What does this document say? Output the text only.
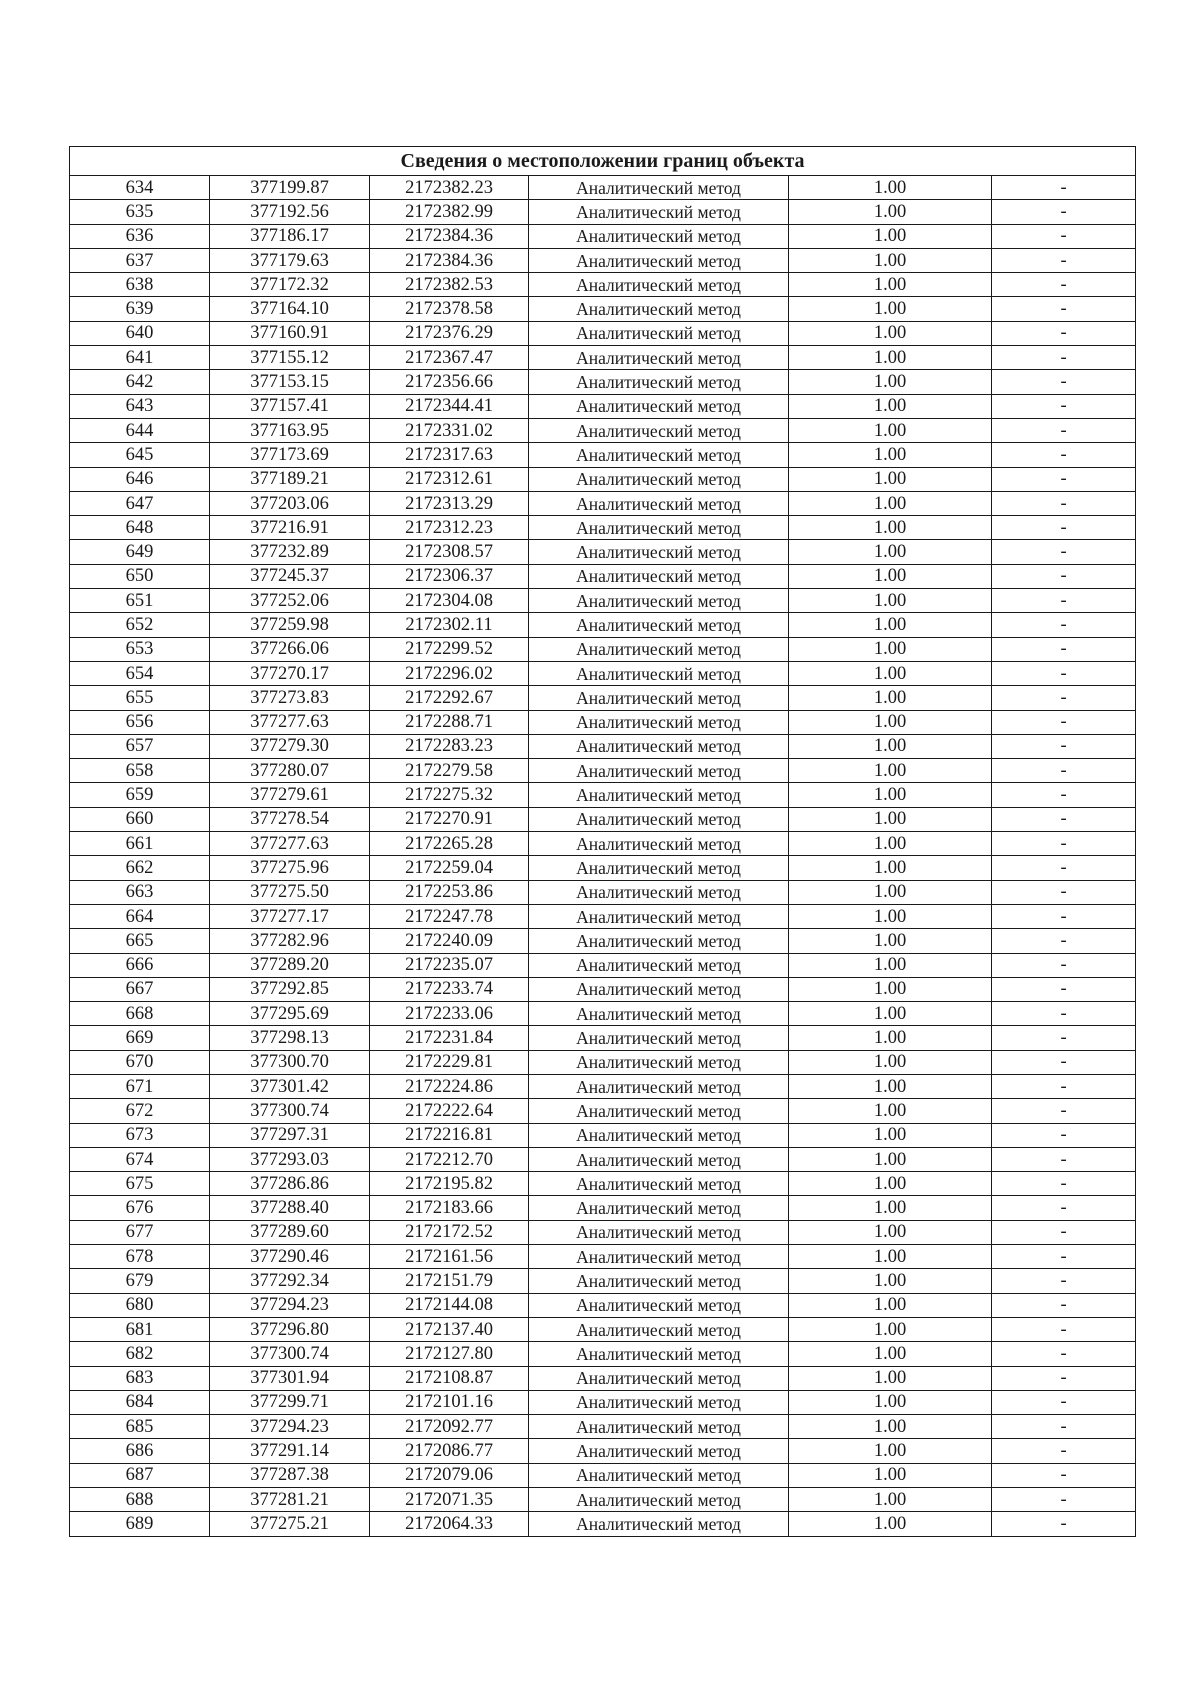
Сведения о местоположении границ объекта					
634	377199.87	2172382.23	Аналитический метод	1.00	-
635	377192.56	2172382.99	Аналитический метод	1.00	-
636	377186.17	2172384.36	Аналитический метод	1.00	-
637	377179.63	2172384.36	Аналитический метод	1.00	-
638	377172.32	2172382.53	Аналитический метод	1.00	-
639	377164.10	2172378.58	Аналитический метод	1.00	-
640	377160.91	2172376.29	Аналитический метод	1.00	-
641	377155.12	2172367.47	Аналитический метод	1.00	-
642	377153.15	2172356.66	Аналитический метод	1.00	-
643	377157.41	2172344.41	Аналитический метод	1.00	-
644	377163.95	2172331.02	Аналитический метод	1.00	-
645	377173.69	2172317.63	Аналитический метод	1.00	-
646	377189.21	2172312.61	Аналитический метод	1.00	-
647	377203.06	2172313.29	Аналитический метод	1.00	-
648	377216.91	2172312.23	Аналитический метод	1.00	-
649	377232.89	2172308.57	Аналитический метод	1.00	-
650	377245.37	2172306.37	Аналитический метод	1.00	-
651	377252.06	2172304.08	Аналитический метод	1.00	-
652	377259.98	2172302.11	Аналитический метод	1.00	-
653	377266.06	2172299.52	Аналитический метод	1.00	-
654	377270.17	2172296.02	Аналитический метод	1.00	-
655	377273.83	2172292.67	Аналитический метод	1.00	-
656	377277.63	2172288.71	Аналитический метод	1.00	-
657	377279.30	2172283.23	Аналитический метод	1.00	-
658	377280.07	2172279.58	Аналитический метод	1.00	-
659	377279.61	2172275.32	Аналитический метод	1.00	-
660	377278.54	2172270.91	Аналитический метод	1.00	-
661	377277.63	2172265.28	Аналитический метод	1.00	-
662	377275.96	2172259.04	Аналитический метод	1.00	-
663	377275.50	2172253.86	Аналитический метод	1.00	-
664	377277.17	2172247.78	Аналитический метод	1.00	-
665	377282.96	2172240.09	Аналитический метод	1.00	-
666	377289.20	2172235.07	Аналитический метод	1.00	-
667	377292.85	2172233.74	Аналитический метод	1.00	-
668	377295.69	2172233.06	Аналитический метод	1.00	-
669	377298.13	2172231.84	Аналитический метод	1.00	-
670	377300.70	2172229.81	Аналитический метод	1.00	-
671	377301.42	2172224.86	Аналитический метод	1.00	-
672	377300.74	2172222.64	Аналитический метод	1.00	-
673	377297.31	2172216.81	Аналитический метод	1.00	-
674	377293.03	2172212.70	Аналитический метод	1.00	-
675	377286.86	2172195.82	Аналитический метод	1.00	-
676	377288.40	2172183.66	Аналитический метод	1.00	-
677	377289.60	2172172.52	Аналитический метод	1.00	-
678	377290.46	2172161.56	Аналитический метод	1.00	-
679	377292.34	2172151.79	Аналитический метод	1.00	-
680	377294.23	2172144.08	Аналитический метод	1.00	-
681	377296.80	2172137.40	Аналитический метод	1.00	-
682	377300.74	2172127.80	Аналитический метод	1.00	-
683	377301.94	2172108.87	Аналитический метод	1.00	-
684	377299.71	2172101.16	Аналитический метод	1.00	-
685	377294.23	2172092.77	Аналитический метод	1.00	-
686	377291.14	2172086.77	Аналитический метод	1.00	-
687	377287.38	2172079.06	Аналитический метод	1.00	-
688	377281.21	2172071.35	Аналитический метод	1.00	-
689	377275.21	2172064.33	Аналитический метод	1.00	-
